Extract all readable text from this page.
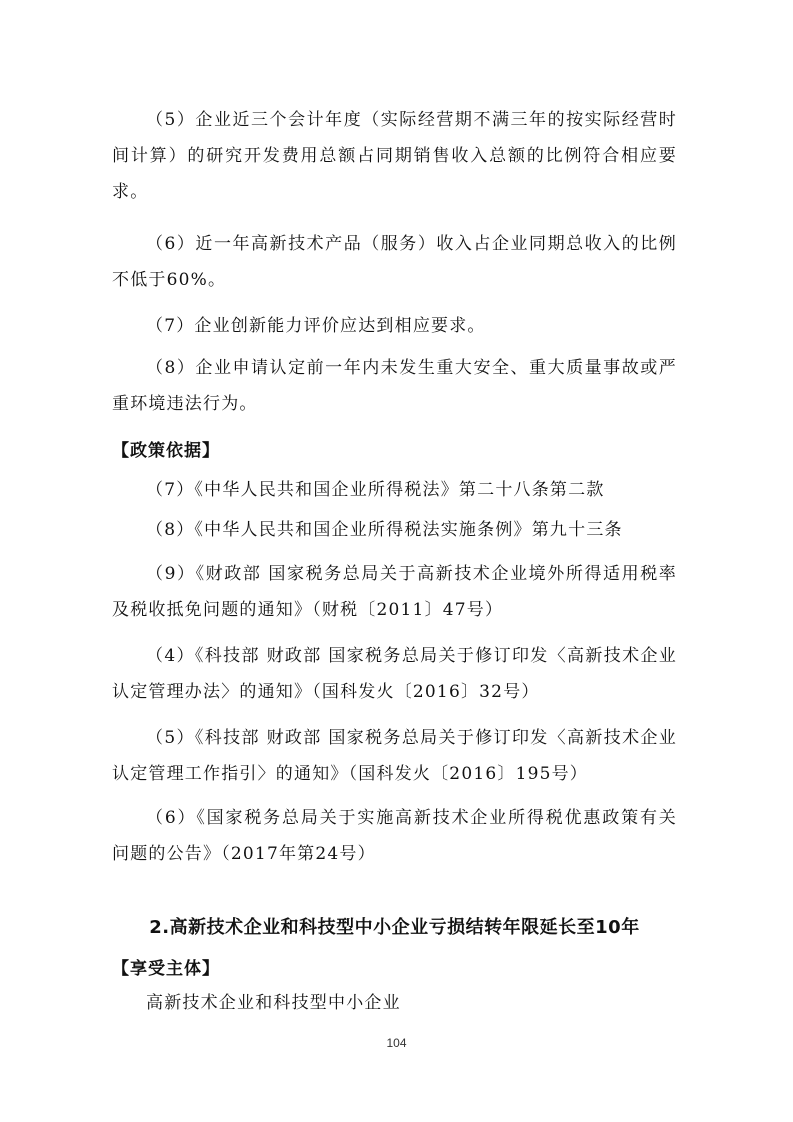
（5）企业近三个会计年度（实际经营期不满三年的按实际经营时间计算）的研究开发费用总额占同期销售收入总额的比例符合相应要求。

（6）近一年高新技术产品（服务）收入占企业同期总收入的比例不低于60%。

（7）企业创新能力评价应达到相应要求。

（8）企业申请认定前一年内未发生重大安全、重大质量事故或严重环境违法行为。

【政策依据】

（7）《中华人民共和国企业所得税法》第二十八条第二款

（8）《中华人民共和国企业所得税法实施条例》第九十三条

（9）《财政部 国家税务总局关于高新技术企业境外所得适用税率及税收抵免问题的通知》（财税〔2011〕47号）

（4）《科技部 财政部 国家税务总局关于修订印发〈高新技术企业认定管理办法〉的通知》（国科发火〔2016〕32号）

（5）《科技部 财政部 国家税务总局关于修订印发〈高新技术企业认定管理工作指引〉的通知》（国科发火〔2016〕195号）

（6）《国家税务总局关于实施高新技术企业所得税优惠政策有关问题的公告》（2017年第24号）

2.高新技术企业和科技型中小企业亏损结转年限延长至10年

【享受主体】

高新技术企业和科技型中小企业

104
